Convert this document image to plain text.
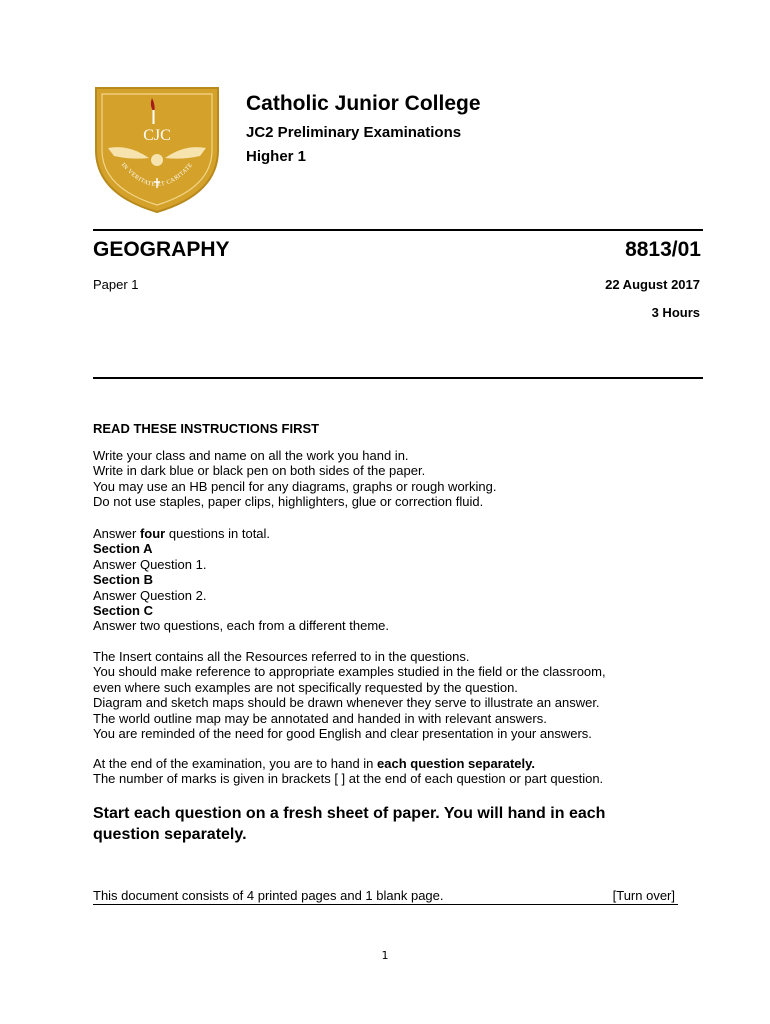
CJC
IN VERITATE ET CARITATE
Catholic Junior College
JC2 Preliminary Examinations
Higher 1
GEOGRAPHY	8813/01
Paper 1	22 August 2017
3 Hours
READ THESE INSTRUCTIONS FIRST
Write your class and name on all the work you hand in.
Write in dark blue or black pen on both sides of the paper.
You may use an HB pencil for any diagrams, graphs or rough working.
Do not use staples, paper clips, highlighters, glue or correction fluid.
Answer four questions in total.
Section A
Answer Question 1.
Section B
Answer Question 2.
Section C
Answer two questions, each from a different theme.
The Insert contains all the Resources referred to in the questions.
You should make reference to appropriate examples studied in the field or the classroom,
even where such examples are not specifically requested by the question.
Diagram and sketch maps should be drawn whenever they serve to illustrate an answer.
The world outline map may be annotated and handed in with relevant answers.
You are reminded of the need for good English and clear presentation in your answers.
At the end of the examination, you are to hand in each question separately.
The number of marks is given in brackets [ ] at the end of each question or part question.
Start each question on a fresh sheet of paper. You will hand in each
question separately.
This document consists of 4 printed pages and 1 blank page.	[Turn over]
1
